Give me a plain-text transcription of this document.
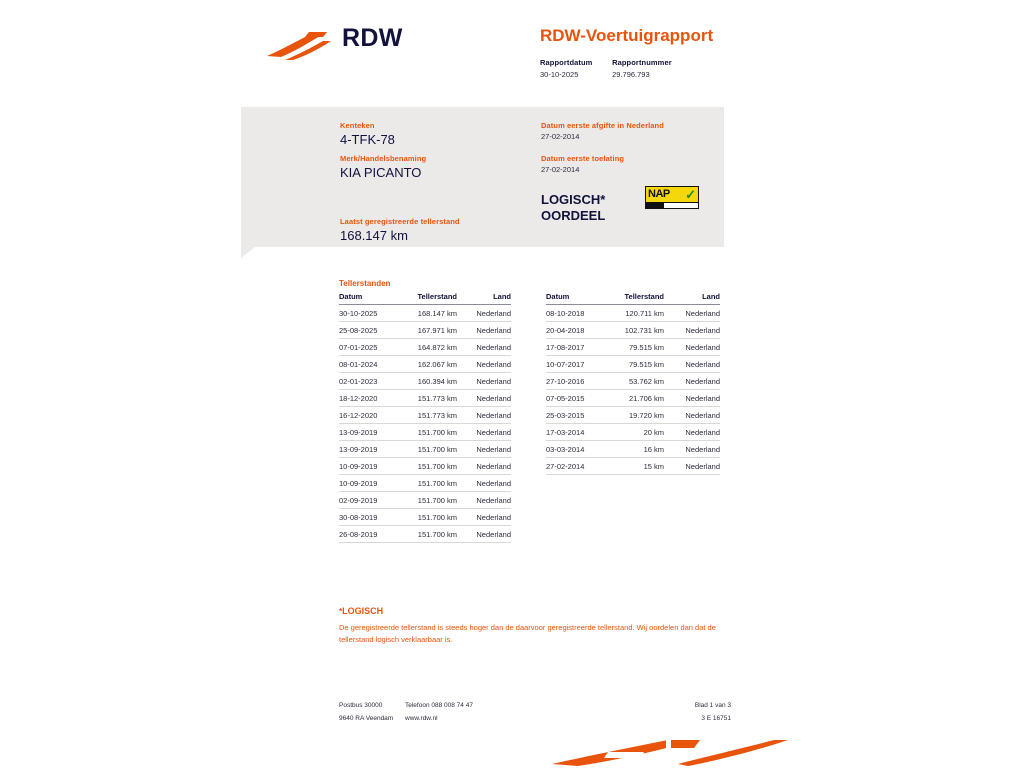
RDW	RDW-Voertuigrapport
Rapportdatum
30-10-2025

Rapportnummer
29.796.793
Kenteken
4-TFK-78
Merk/Handelsbenaming
KIA PICANTO
Laatst geregistreerde tellerstand
168.147 km
Datum eerste afgifte in Nederland
27-02-2014
Datum eerste toelating
27-02-2014
LOGISCH*
OORDEEL
NAP ✓
Tellerstanden
Datum	Tellerstand	Land
30-10-2025	168.147 km	Nederland
25-08-2025	167.971 km	Nederland
07-01-2025	164.872 km	Nederland
08-01-2024	162.067 km	Nederland
02-01-2023	160.394 km	Nederland
18-12-2020	151.773 km	Nederland
16-12-2020	151.773 km	Nederland
13-09-2019	151.700 km	Nederland
13-09-2019	151.700 km	Nederland
10-09-2019	151.700 km	Nederland
10-09-2019	151.700 km	Nederland
02-09-2019	151.700 km	Nederland
30-08-2019	151.700 km	Nederland
26-08-2019	151.700 km	Nederland
Datum	Tellerstand	Land
08-10-2018	120.711 km	Nederland
20-04-2018	102.731 km	Nederland
17-08-2017	79.515 km	Nederland
10-07-2017	79.515 km	Nederland
27-10-2016	53.762 km	Nederland
07-05-2015	21.706 km	Nederland
25-03-2015	19.720 km	Nederland
17-03-2014	20 km	Nederland
03-03-2014	16 km	Nederland
27-02-2014	15 km	Nederland
*LOGISCH
De geregistreerde tellerstand is steeds hoger dan de daarvoor geregistreerde tellerstand. Wij oordelen dan dat de tellerstand logisch verklaarbaar is.
Postbus 30000	Telefoon 088 008 74 47	Blad 1 van 3
9640 RA Veendam www.rdw.nl	3 E 16751
